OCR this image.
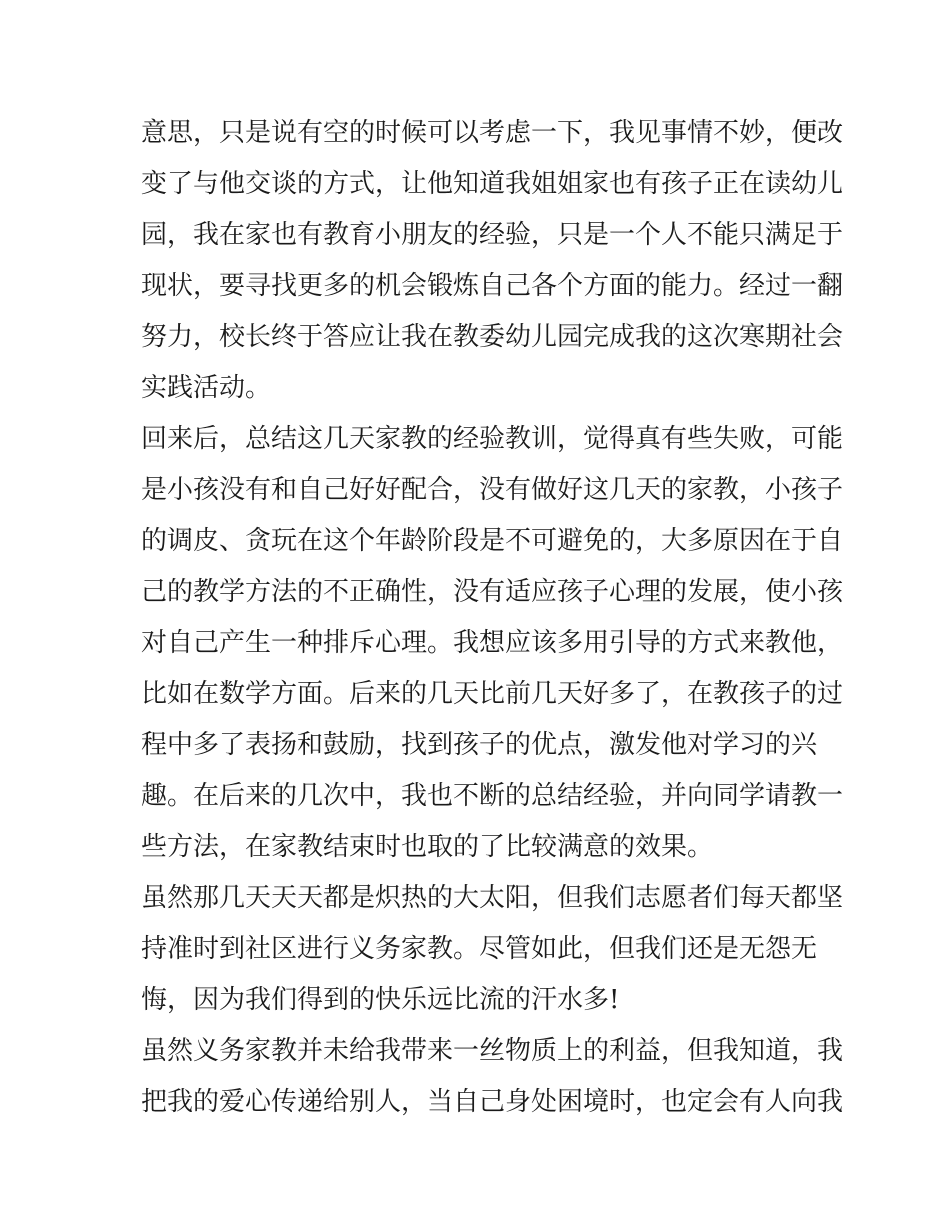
意思，只是说有空的时候可以考虑一下，我见事情不妙，便改
变了与他交谈的方式，让他知道我姐姐家也有孩子正在读幼儿
园，我在家也有教育小朋友的经验，只是一个人不能只满足于
现状，要寻找更多的机会锻炼自己各个方面的能力。经过一翻
努力，校长终于答应让我在教委幼儿园完成我的这次寒期社会
实践活动。
回来后，总结这几天家教的经验教训，觉得真有些失败，可能
是小孩没有和自己好好配合，没有做好这几天的家教，小孩子
的调皮、贪玩在这个年龄阶段是不可避免的，大多原因在于自
己的教学方法的不正确性，没有适应孩子心理的发展，使小孩
对自己产生一种排斥心理。我想应该多用引导的方式来教他，
比如在数学方面。后来的几天比前几天好多了，在教孩子的过
程中多了表扬和鼓励，找到孩子的优点，激发他对学习的兴
趣。在后来的几次中，我也不断的总结经验，并向同学请教一
些方法，在家教结束时也取的了比较满意的效果。
虽然那几天天天都是炽热的大太阳，但我们志愿者们每天都坚
持准时到社区进行义务家教。尽管如此，但我们还是无怨无
悔，因为我们得到的快乐远比流的汗水多!
虽然义务家教并未给我带来一丝物质上的利益，但我知道，我
把我的爱心传递给别人，当自己身处困境时，也定会有人向我
